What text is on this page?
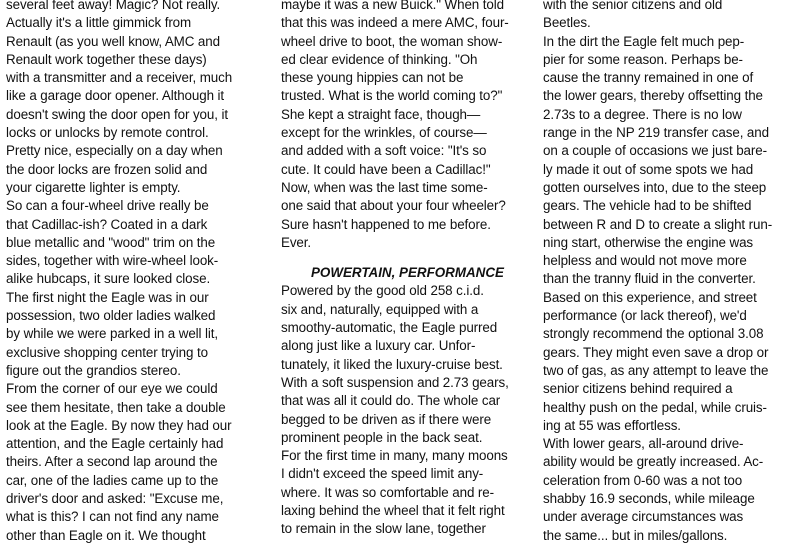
several feet away! Magic? Not really.
Actually it's a little gimmick from
Renault (as you well know, AMC and
Renault work together these days)
with a transmitter and a receiver, much
like a garage door opener. Although it
doesn't swing the door open for you, it
locks or unlocks by remote control.
Pretty nice, especially on a day when
the door locks are frozen solid and
your cigarette lighter is empty.
So can a four-wheel drive really be
that Cadillac-ish? Coated in a dark
blue metallic and "wood" trim on the
sides, together with wire-wheel look-
alike hubcaps, it sure looked close.
The first night the Eagle was in our
possession, two older ladies walked
by while we were parked in a well lit,
exclusive shopping center trying to
figure out the grandios stereo.
From the corner of our eye we could
see them hesitate, then take a double
look at the Eagle. By now they had our
attention, and the Eagle certainly had
theirs. After a second lap around the
car, one of the ladies came up to the
driver's door and asked: "Excuse me,
what is this? I can not find any name
other than Eagle on it. We thought
maybe it was a new Buick." When told
that this was indeed a mere AMC, four-
wheel drive to boot, the woman show-
ed clear evidence of thinking. "Oh
these young hippies can not be
trusted. What is the world coming to?"
She kept a straight face, though—
except for the wrinkles, of course—
and added with a soft voice: "It's so
cute. It could have been a Cadillac!"
Now, when was the last time some-
one said that about your four wheeler?
Sure hasn't happened to me before.
Ever.
POWERTAIN, PERFORMANCE
Powered by the good old 258 c.i.d.
six and, naturally, equipped with a
smoothy-automatic, the Eagle purred
along just like a luxury car. Unfor-
tunately, it liked the luxury-cruise best.
With a soft suspension and 2.73 gears,
that was all it could do. The whole car
begged to be driven as if there were
prominent people in the back seat.
For the first time in many, many moons
I didn't exceed the speed limit any-
where. It was so comfortable and re-
laxing behind the wheel that it felt right
to remain in the slow lane, together
with the senior citizens and old
Beetles.
In the dirt the Eagle felt much pep-
pier for some reason. Perhaps be-
cause the tranny remained in one of
the lower gears, thereby offsetting the
2.73s to a degree. There is no low
range in the NP 219 transfer case, and
on a couple of occasions we just bare-
ly made it out of some spots we had
gotten ourselves into, due to the steep
gears. The vehicle had to be shifted
between R and D to create a slight run-
ning start, otherwise the engine was
helpless and would not move more
than the tranny fluid in the converter.
Based on this experience, and street
performance (or lack thereof), we'd
strongly recommend the optional 3.08
gears. They might even save a drop or
two of gas, as any attempt to leave the
senior citizens behind required a
healthy push on the pedal, while cruis-
ing at 55 was effortless.
With lower gears, all-around drive-
ability would be greatly increased. Ac-
celeration from 0-60 was a not too
shabby 16.9 seconds, while mileage
under average circumstances was
the same... but in miles/gallons.
